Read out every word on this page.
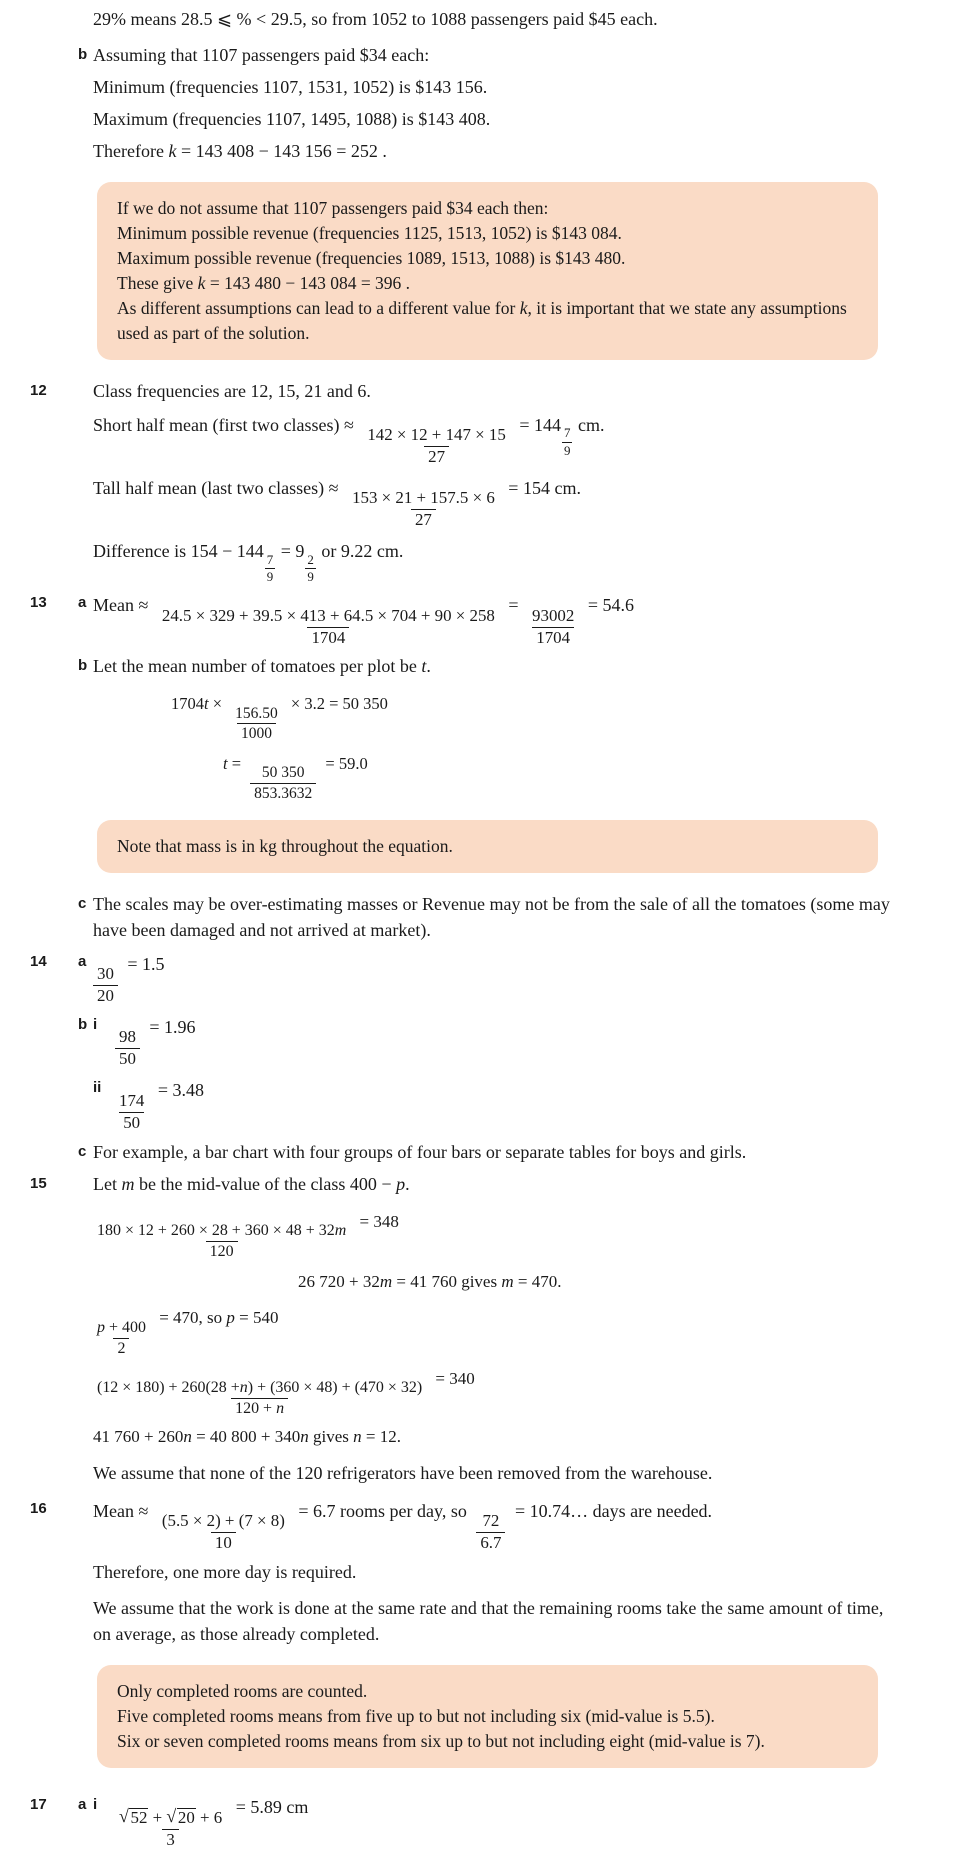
29% means 28.5 ⩽ % < 29.5, so from 1052 to 1088 passengers paid $45 each.
b Assuming that 1107 passengers paid $34 each:
Minimum (frequencies 1107, 1531, 1052) is $143 156.
Maximum (frequencies 1107, 1495, 1088) is $143 408.
Therefore k = 143 408 − 143 156 = 252 .

If we do not assume that 1107 passengers paid $34 each then:

Minimum possible revenue (frequencies 1125, 1513, 1052) is $143 084.

Maximum possible revenue (frequencies 1089, 1513, 1088) is $143 480.

These give k = 143 480 − 143 084 = 396 .

As different assumptions can lead to a different value for k, it is important that we state any assumptions used as part of the solution.

12	Class frequencies are 12, 15, 21 and 6.
Short half mean (first two classes) ≈
$\frac{142 \times 12 + 147 \times 15}{27}$
= 144
$\frac{7}{9}$
cm.
Tall half mean (last two classes) ≈
$\frac{153 \times 21 + 157.5 \times 6}{27}$
= 154 cm.
Difference is 154 − 144
$\frac{7}{9}$
= 9
$\frac{2}{9}$
or 9.22 cm.
13	a Mean ≈
$\frac{24.5 \times 329 + 39.5 \times 413 + 64.5 \times 704 + 90 \times 258}{1704}$
=
$\frac{93002}{1704}$
= 54.6
b Let the mean number of tomatoes per plot be t.
1704t ×
$\frac{156.50}{1000}$
× 3.2 = 50 350
t =
$\frac{50 350}{853.3632}$
= 59.0

Note that mass is in kg throughout the equation.

c The scales may be over-estimating masses or Revenue may not be from the sale of all the tomatoes (some may have been damaged and not arrived at market).
14	a
$\frac{30}{20}$
= 1.5
b i
$\frac{98}{50}$
= 1.96
ii
$\frac{174}{50}$
= 3.48
c For example, a bar chart with four groups of four bars or separate tables for boys and girls.
15	Let m be the mid-value of the class 400 − p.
$\frac{180 \times 12 + 260 \times 28 + 360 \times 48 + 32m}{120}$
= 348
26 720 + 32m = 41 760 gives m = 470.
$\frac{p + 400}{2}$
= 470, so p = 540
$\frac{(12 \times 180) + 260(28 +n) + (360 \times 48) + (470 \times 32)}{120 + n}$
= 340
41 760 + 260n = 40 800 + 340n gives n = 12.
We assume that none of the 120 refrigerators have been removed from the warehouse.
16	Mean ≈
$\frac{(5.5 \times 2) + (7 \times 8)}{10}$
= 6.7 rooms per day, so
$\frac{72}{6.7}$
= 10.74… days are needed.
Therefore, one more day is required.
We assume that the work is done at the same rate and that the remaining rooms take the same amount of time, on average, as those already completed.

Only completed rooms are counted.

Five completed rooms means from five up to but not including six (mid-value is 5.5).

Six or seven completed rooms means from six up to but not including eight (mid-value is 7).

17	a i
√ $\frac{52 + √ 20 + 6}{3} = 5.89$ cm
